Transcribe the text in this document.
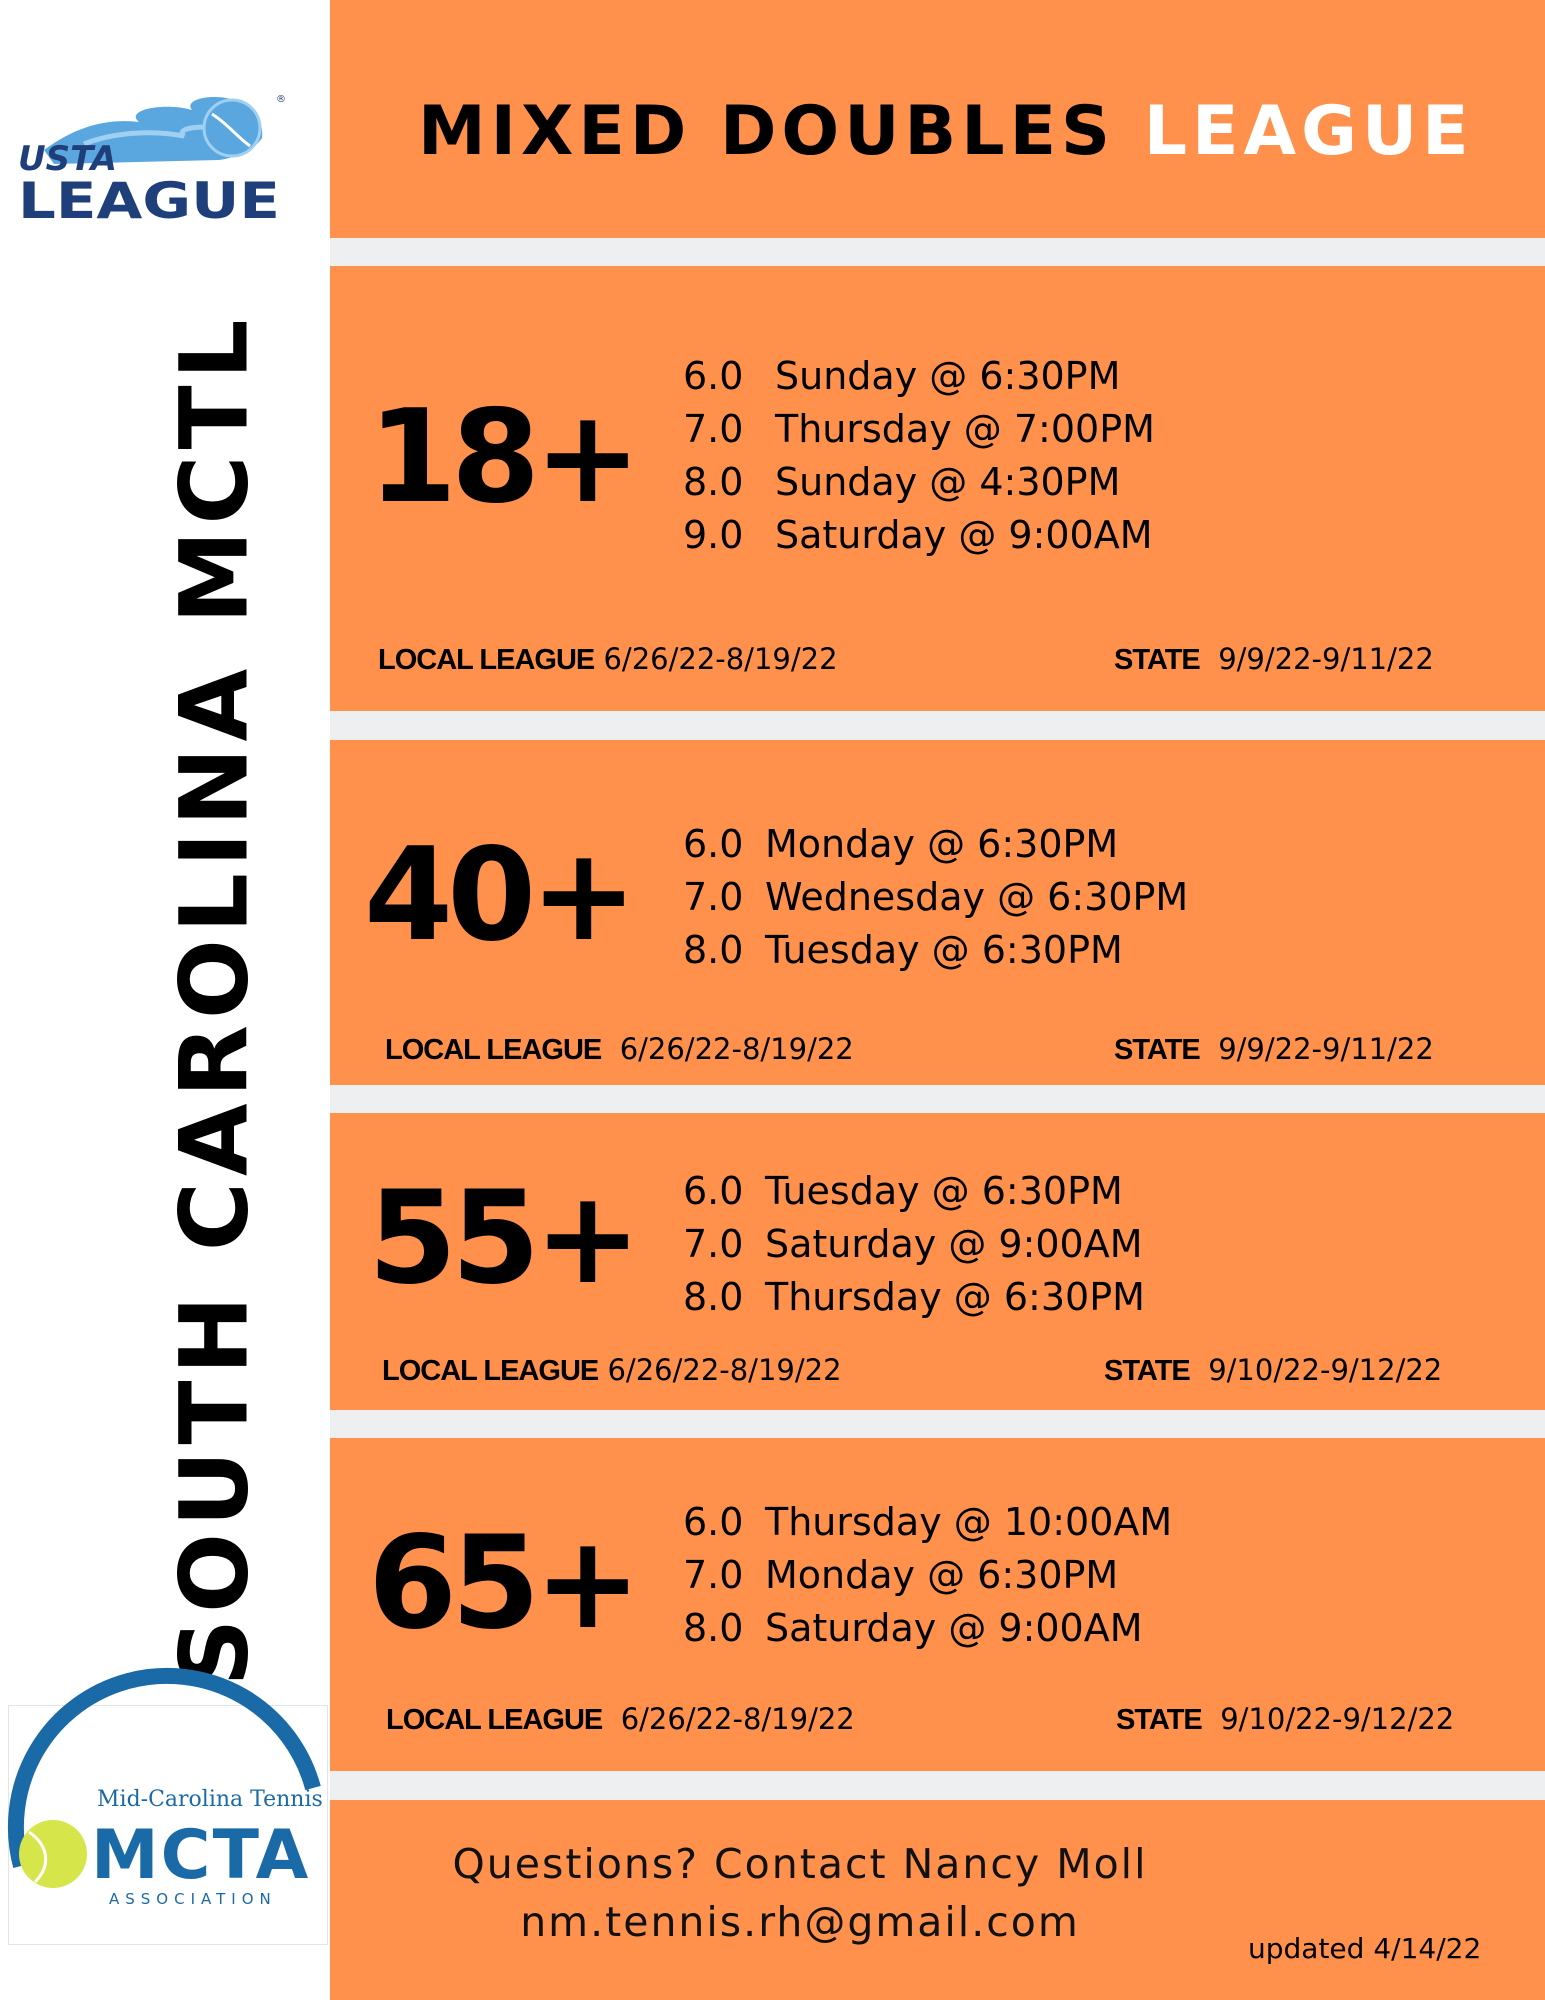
®
USTA
LEAGUE
SOUTH CAROLINA MCTL
Mid-Carolina Tennis
MCTA
ASSOCIATION
MIXED DOUBLES LEAGUE
18+
6.0 Sunday @ 6:30PM
7.0 Thursday @ 7:00PM
8.0 Sunday @ 4:30PM
9.0 Saturday @ 9:00AM
LOCAL LEAGUE 6/26/22-8/19/22	STATE 9/9/22-9/11/22
40+ 6.0 Monday @ 6:30PM
7.0 Wednesday @ 6:30PM
8.0 Tuesday @ 6:30PM
LOCAL LEAGUE 6/26/22-8/19/22	STATE 9/9/22-9/11/22
55+ 6.0 Tuesday @ 6:30PM
7.0 Saturday @ 9:00AM
8.0 Thursday @ 6:30PM
LOCAL LEAGUE 6/26/22-8/19/22	STATE 9/10/22-9/12/22
65+ 6.0 Thursday @ 10:00AM
7.0 Monday @ 6:30PM
8.0 Saturday @ 9:00AM
LOCAL LEAGUE 6/26/22-8/19/22	STATE 9/10/22-9/12/22
Questions? Contact Nancy Moll
nm.tennis.rh@gmail.com
updated 4/14/22
